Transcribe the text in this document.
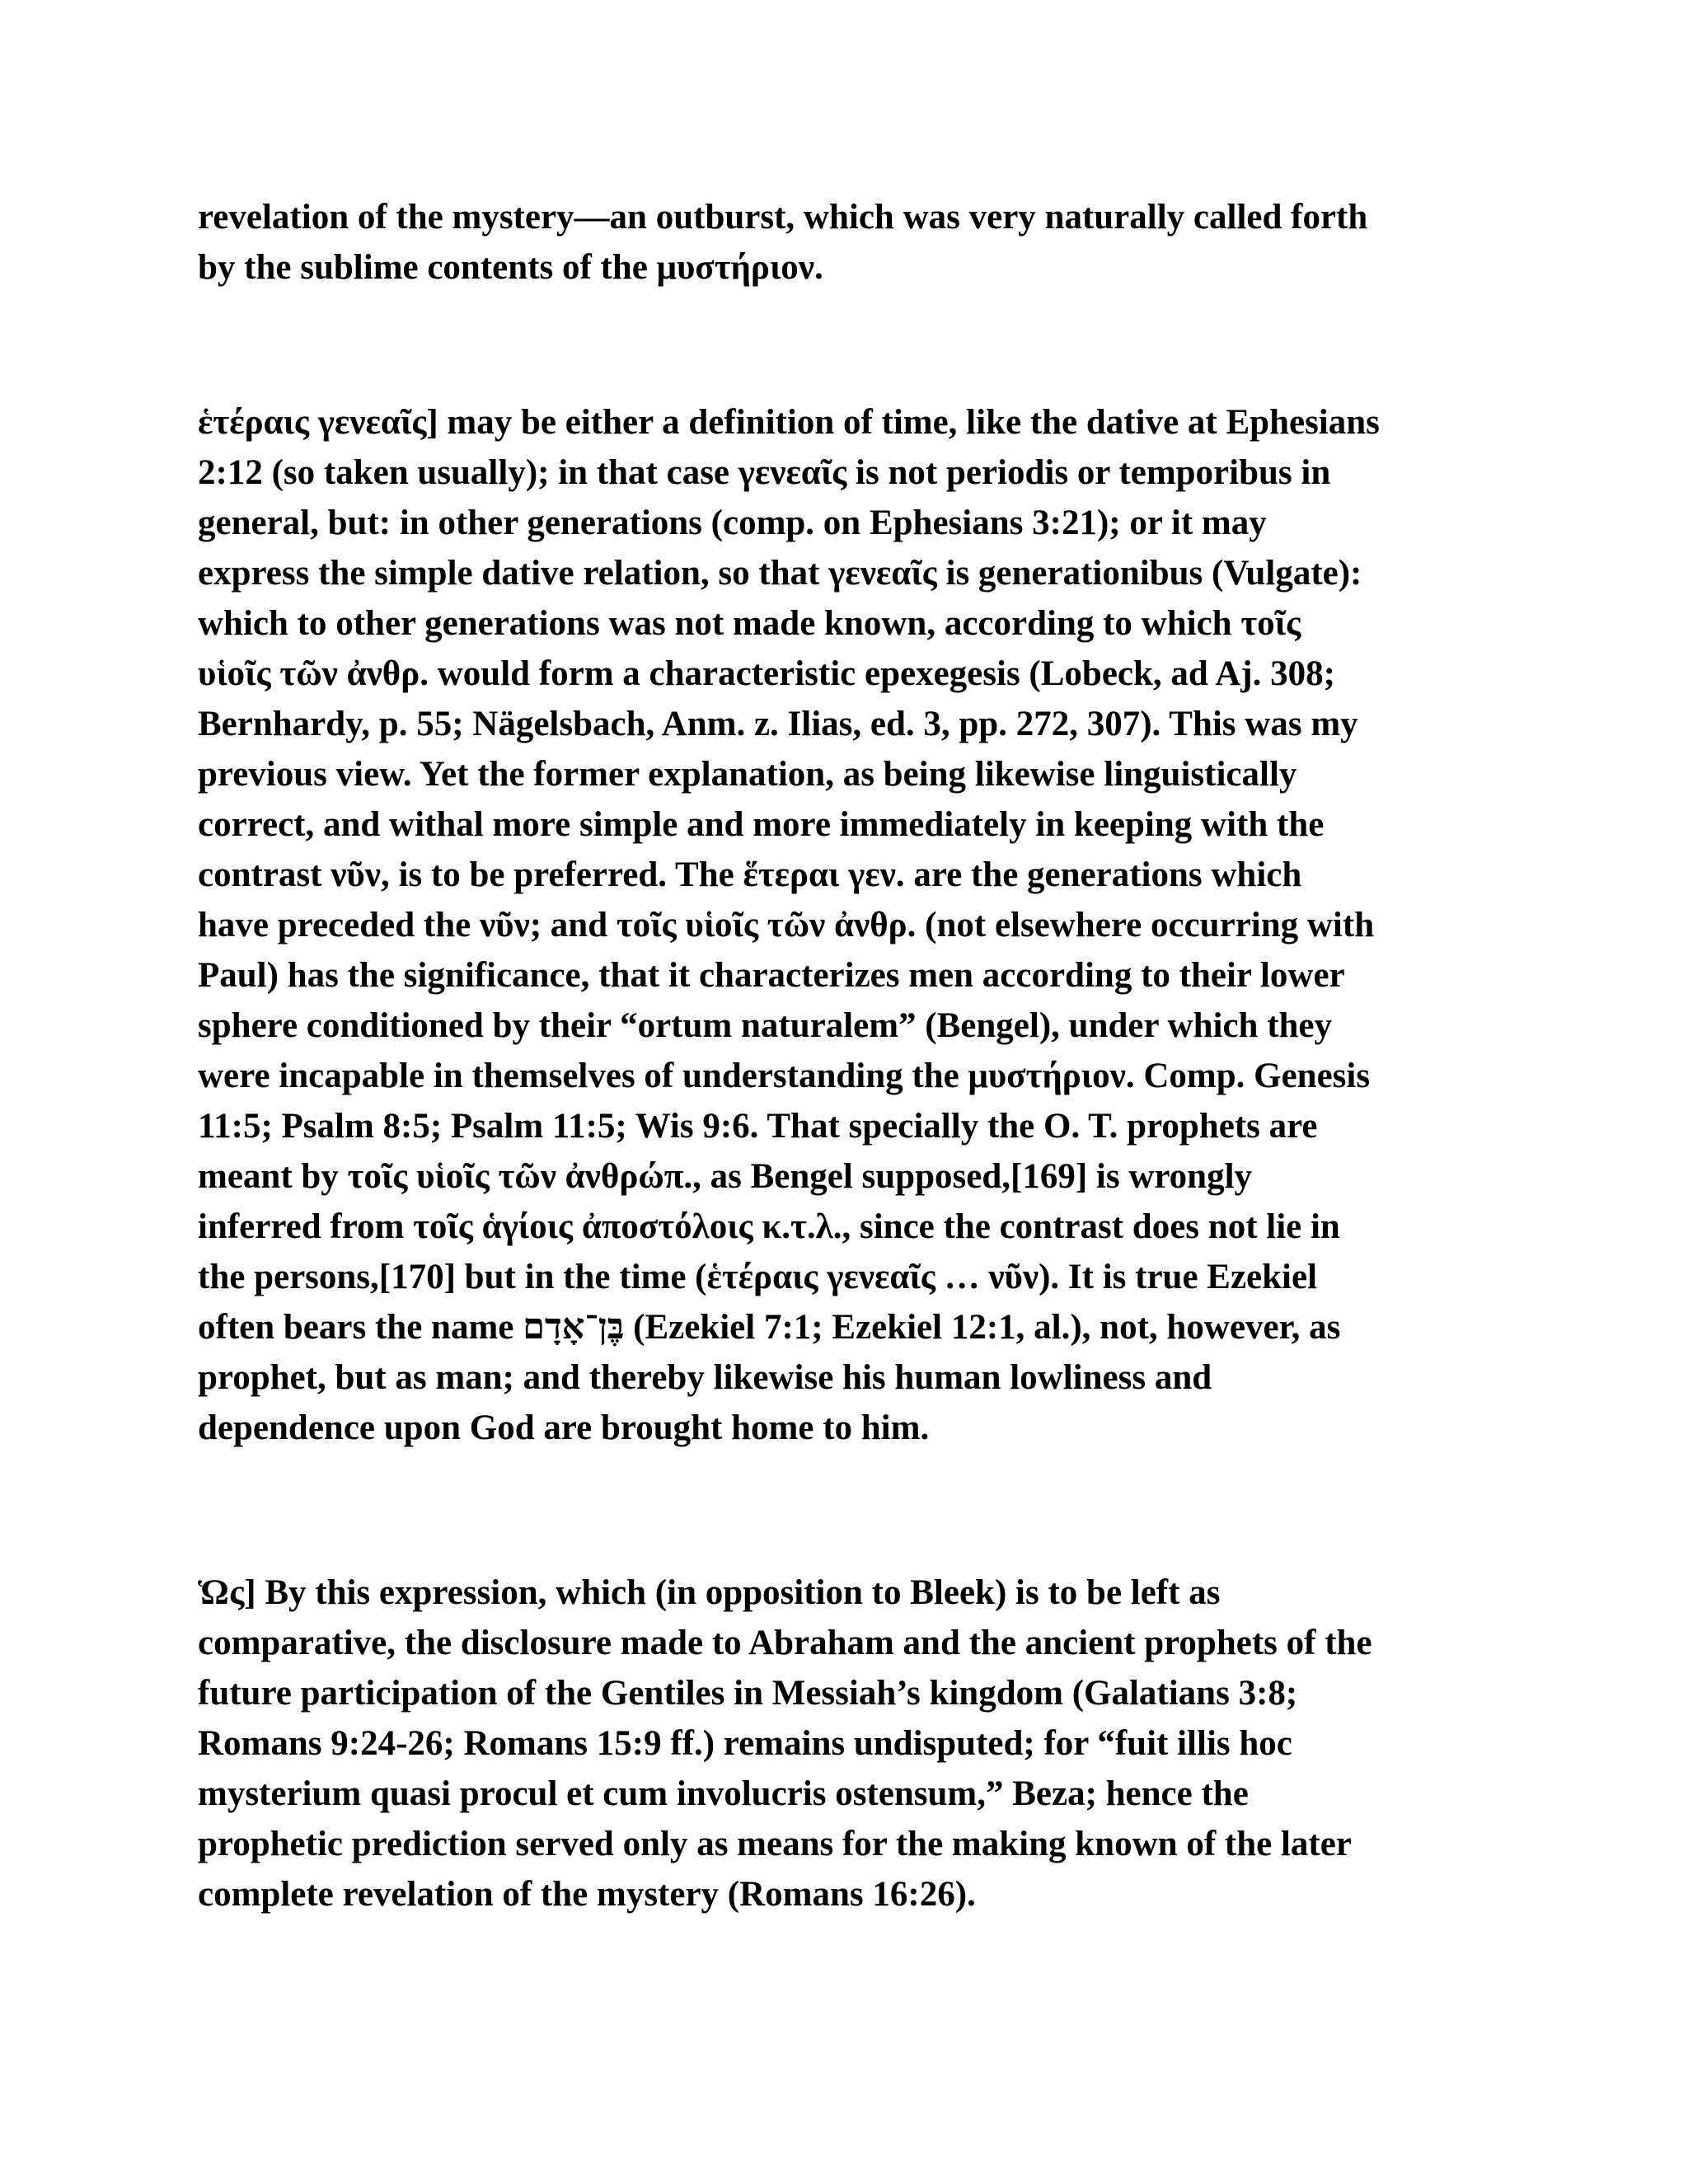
revelation of the mystery—an outburst, which was very naturally called forth
by the sublime contents of the μυστήριον.
ἑτέραις γενεαῖς] may be either a definition of time, like the dative at Ephesians
2:12 (so taken usually); in that case γενεαῖς is not periodis or temporibus in
general, but: in other generations (comp. on Ephesians 3:21); or it may
express the simple dative relation, so that γενεαῖς is generationibus (Vulgate):
which to other generations was not made known, according to which τοῖς
υἱοῖς τῶν ἀνθρ. would form a characteristic epexegesis (Lobeck, ad Aj. 308;
Bernhardy, p. 55; Nägelsbach, Anm. z. Ilias, ed. 3, pp. 272, 307). This was my
previous view. Yet the former explanation, as being likewise linguistically
correct, and withal more simple and more immediately in keeping with the
contrast νῦν, is to be preferred. The ἕτεραι γεν. are the generations which
have preceded the νῦν; and τοῖς υἱοῖς τῶν ἀνθρ. (not elsewhere occurring with
Paul) has the significance, that it characterizes men according to their lower
sphere conditioned by their “ortum naturalem” (Bengel), under which they
were incapable in themselves of understanding the μυστήριον. Comp. Genesis
11:5; Psalm 8:5; Psalm 11:5; Wis 9:6. That specially the O. T. prophets are
meant by τοῖς υἱοῖς τῶν ἀνθρώπ., as Bengel supposed,[169] is wrongly
inferred from τοῖς ἁγίοις ἀποστόλοις κ.τ.λ., since the contrast does not lie in
the persons,[170] but in the time (ἑτέραις γενεαῖς … νῦν). It is true Ezekiel
often bears the name בֶּן־אָדָם (Ezekiel 7:1; Ezekiel 12:1, al.), not, however, as
prophet, but as man; and thereby likewise his human lowliness and
dependence upon God are brought home to him.
Ὡς] By this expression, which (in opposition to Bleek) is to be left as
comparative, the disclosure made to Abraham and the ancient prophets of the
future participation of the Gentiles in Messiah’s kingdom (Galatians 3:8;
Romans 9:24-26; Romans 15:9 ff.) remains undisputed; for “fuit illis hoc
mysterium quasi procul et cum involucris ostensum,” Beza; hence the
prophetic prediction served only as means for the making known of the later
complete revelation of the mystery (Romans 16:26).
